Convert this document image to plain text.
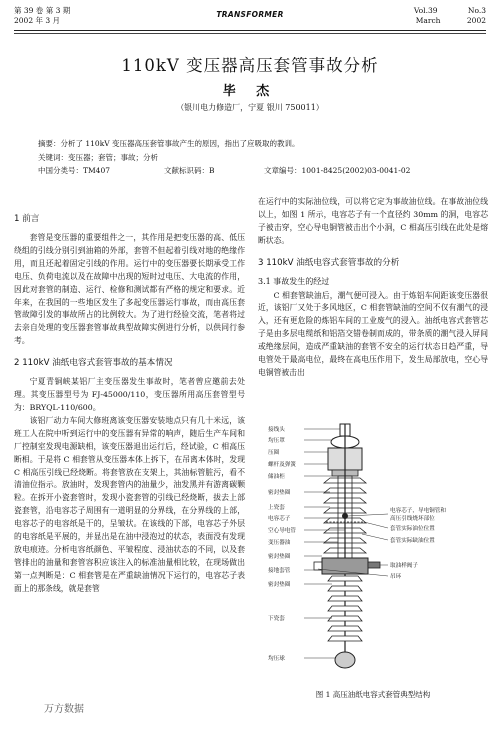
第 39 卷 第 3 期
2002 年 3 月
TRANSFORMER	Vol.39	No.3
March	2002
110kV 变压器高压套管事故分析
毕 杰
（银川电力修造厂，宁夏 银川 750011）
摘要：分析了 110kV 变压器高压套管事故产生的原因，指出了应吸取的教训。
关键词：变压器；套管；事故；分析
中国分类号：TM407	文献标识码：B	文章编号：1001-8425(2002)03-0041-02
1 前言

套管是变压器的重要组件之一，其作用是把变压器的高、低压绕组的引线分别引到油箱的外部，套管不但起着引线对地的绝缘作用，而且还起着固定引线的作用。运行中的变压器要长期承受工作电压、负荷电流以及在故障中出现的短时过电压、大电流的作用，因此对套管的制造、运行、检修和测试都有严格的规定和要求。近年来，在我国的一些地区发生了多起变压器运行事故，而由高压套管故障引发的事故所占的比例较大。为了进行经验交流，笔者将过去亲自处理的变压器套管事故典型故障实例进行分析，以供同行参考。

2 110kV 油纸电容式套管事故的基本情况

宁夏青铜峡某铝厂主变压器发生事故时，笔者曾应邀前去处理。其变压器型号为 FJ-45000/110，变压器所用高压套管型号为：BRYQL-110/600。

该铝厂动力车间大修班离该变压器安装地点只有几十米远，该班工人在院中听到运行中的变压器有异常的响声，随后生产车间和厂控制室发现电源缺相，该变压器退出运行后，经试验，C 相高压断相。于是将 C 相套管从变压器本体上拆下，在吊离本体时，发现 C 相高压引线已经烧断。将套管放在支架上，其油标管脏污，看不清油位指示。放油时，发现套管内的油量少，油发黑并有游离碳颗粒。在拆开小瓷套管时，发现小瓷套管的引线已经烧断，拔去上部瓷套管，沿电容芯子周围有一道明显的分界线，在分界线的上部，电容芯子的电容纸是干的，呈皱状。在该线的下部，电容芯子外层的电容纸是平展的，并显出是在油中浸泡过的状态，表面没有发现放电痕迹。分析电容纸颜色、平皱程度、浸油状态的不同，以及套管排出的油量和套管容积应该注入的标准油量相比较，在现场做出第一点判断是：C 相套管是在严重缺油情况下运行的，电容芯子表面上的那条线，就是套管

在运行中的实际油位线，可以将它定为事故油位线。在事故油位线以上，如图 1 所示，电容芯子有一个直径约 30mm 的洞，电容芯子被击穿，空心导电铜管被击出个小洞，C 相高压引线在此处是熔断状态。

3 110kV 油纸电容式套管事故的分析
3.1 事故发生的经过

C 相套管缺油后，潮气便可浸入。由于炼铝车间距该变压器很近，该铝厂又处于多风地区，C 相套管缺油的空间不仅有潮气的浸入，还有更危险的炼铝车间的工业废气的浸入。油纸电容式套管芯子是由多层电缆纸和铝箔交错卷制而成的，带条质的潮气浸入屏间或绝缘层间，造成严重缺油的套管不安全的运行状态日趋严重，导电管处于最高电位，最终在高电压作用下，发生局部放电，空心导电铜管被击出

接线头
均压罩
压圈
螺杆及弹簧
储油柜
密封垫圈
上瓷套
电容芯子
空心导电管
变压器油
密封垫圈
接地套管
密封垫圈
下瓷套
均压球
电容芯子，导电铜管和
高压引线烧坏部位
套管实际油位位置
套管实际缺油位置
取油样阀子
吊环
图 1 高压油纸电容式套管典型结构
万方数据
